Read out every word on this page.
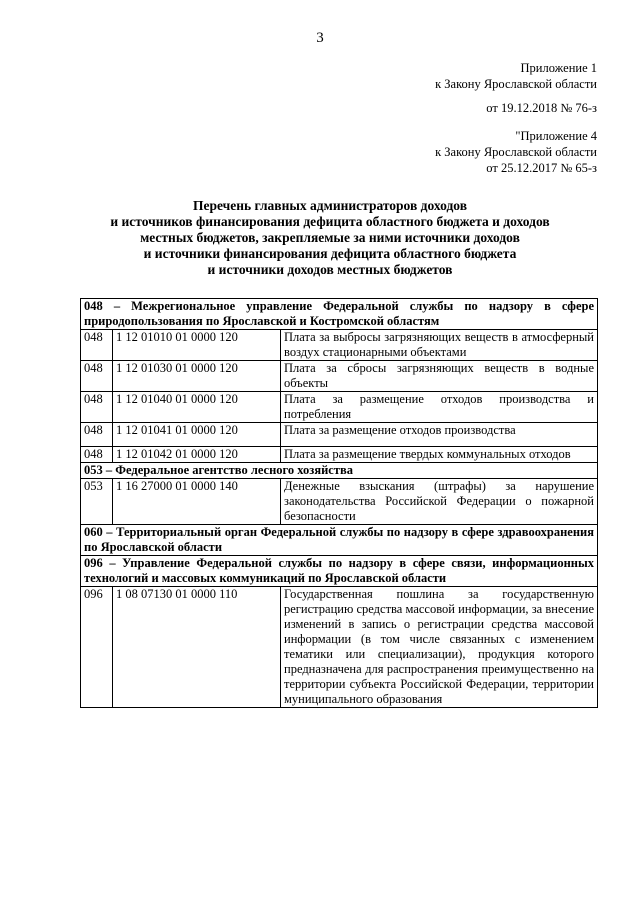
3
Приложение 1
к Закону Ярославской области
от 19.12.2018 № 76-з
"Приложение 4
к Закону Ярославской области
от 25.12.2017 № 65-з
Перечень главных администраторов доходов
и источников финансирования дефицита областного бюджета и доходов
местных бюджетов, закрепляемые за ними источники доходов
и источники финансирования дефицита областного бюджета
и источники доходов местных бюджетов
048 – Межрегиональное управление Федеральной службы по надзору в сфере природопользования по Ярославской и Костромской областям		
048	1 12 01010 01 0000 120	Плата за выбросы загрязняющих веществ в атмосферный воздух стационарными объектами
048	1 12 01030 01 0000 120	Плата за сбросы загрязняющих веществ в водные объекты
048	1 12 01040 01 0000 120	Плата за размещение отходов производства и потребления
048	1 12 01041 01 0000 120	Плата за размещение отходов производства
048	1 12 01042 01 0000 120	Плата за размещение твердых коммунальных отходов
053 – Федеральное агентство лесного хозяйства		
053	1 16 27000 01 0000 140	Денежные взыскания (штрафы) за нарушение законодательства Российской Федерации о пожарной безопасности
060 – Территориальный орган Федеральной службы по надзору в сфере здравоохранения по Ярославской области		
096 – Управление Федеральной службы по надзору в сфере связи, информационных технологий и массовых коммуникаций по Ярославской области		
096	1 08 07130 01 0000 110	Государственная пошлина за государственную регистрацию средства массовой информации, за внесение изменений в запись о регистрации средства массовой информации (в том числе связанных с изменением тематики или специализации), продукция которого предназначена для распространения преимущественно на территории субъекта Российской Федерации, территории муниципального образования
